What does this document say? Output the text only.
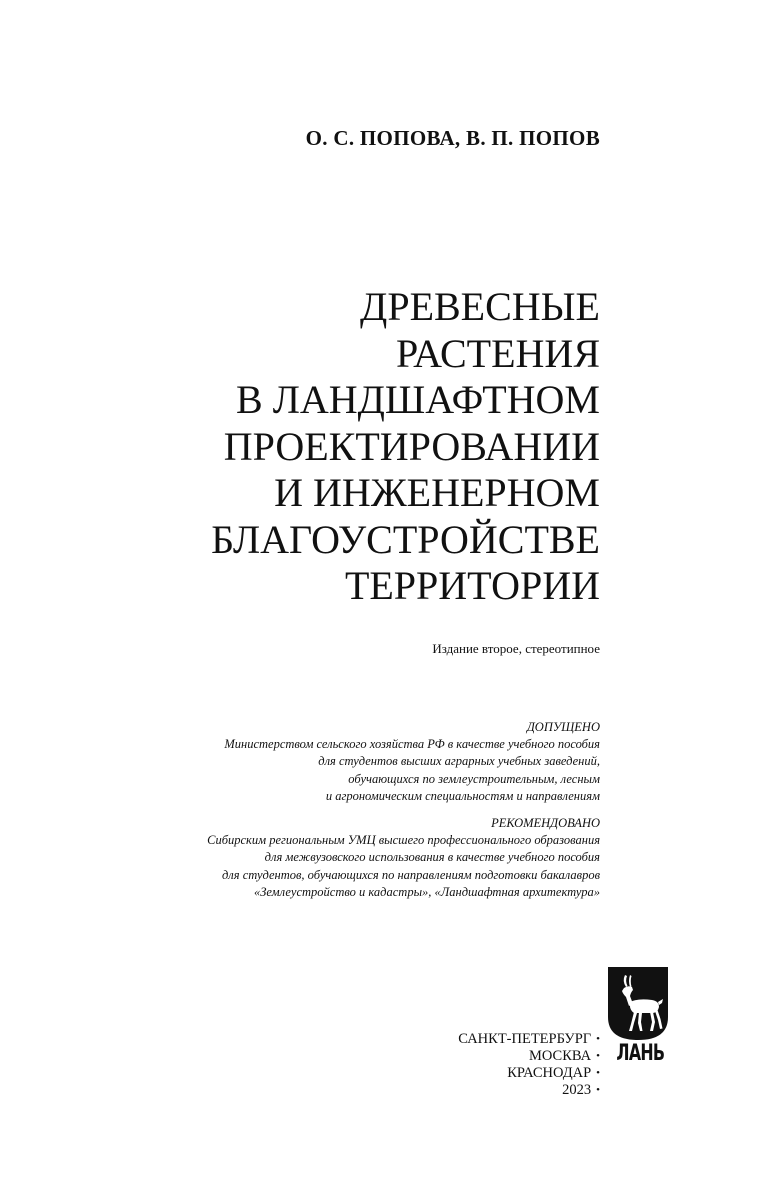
О. С. ПОПОВА, В. П. ПОПОВ
ДРЕВЕСНЫЕ
РАСТЕНИЯ
В ЛАНДШАФТНОМ
ПРОЕКТИРОВАНИИ
И ИНЖЕНЕРНОМ
БЛАГОУСТРОЙСТВЕ
ТЕРРИТОРИИ
Издание второе, стереотипное
ДОПУЩЕНО
Министерством сельского хозяйства РФ в качестве учебного пособия
для студентов высших аграрных учебных заведений,
обучающихся по землеустроительным, лесным
и агрономическим специальностям и направлениям
РЕКОМЕНДОВАНО
Сибирским региональным УМЦ высшего профессионального образования
для межвузовского использования в качестве учебного пособия
для студентов, обучающихся по направлениям подготовки бакалавров
«Землеустройство и кадастры», «Ландшафтная архитектура»
САНКТ-ПЕТЕРБУРГ •
МОСКВА •
КРАСНОДАР •
2023 •
ЛАНЬ
